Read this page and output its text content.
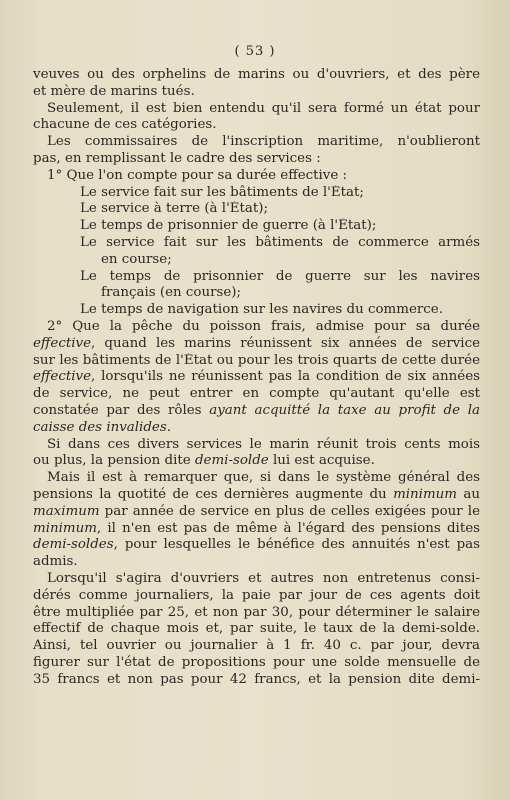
( 53 )
veuves ou des orphelins de marins ou d'ouvriers, et des père
et mère de marins tués.
Seulement, il est bien entendu qu'il sera formé un état pour
chacune de ces catégories.
Les commissaires de l'inscription maritime, n'oublieront
pas, en remplissant le cadre des services :
1° Que l'on compte pour sa durée effective :
Le service fait sur les bâtiments de l'État;
Le service à terre (à l'État);
Le temps de prisonnier de guerre (à l'État);
Le service fait sur les bâtiments de commerce armés
en course;
Le temps de prisonnier de guerre sur les navires
français (en course);
Le temps de navigation sur les navires du commerce.
2° Que la pêche du poisson frais, admise pour sa durée
effective, quand les marins réunissent six années de service
sur les bâtiments de l'État ou pour les trois quarts de cette durée
effective, lorsqu'ils ne réunissent pas la condition de six années
de service, ne peut entrer en compte qu'autant qu'elle est
constatée par des rôles ayant acquitté la taxe au profit de la
caisse des invalides.
Si dans ces divers services le marin réunit trois cents mois
ou plus, la pension dite demi-solde lui est acquise.
Mais il est à remarquer que, si dans le système général des
pensions la quotité de ces dernières augmente du minimum au
maximum par année de service en plus de celles exigées pour le
minimum, il n'en est pas de même à l'égard des pensions dites
demi-soldes, pour lesquelles le bénéfice des annuités n'est pas
admis.
Lorsqu'il s'agira d'ouvriers et autres non entretenus consi-
dérés comme journaliers, la paie par jour de ces agents doit
être multipliée par 25, et non par 30, pour déterminer le salaire
effectif de chaque mois et, par suite, le taux de la demi-solde.
Ainsi, tel ouvrier ou journalier à 1 fr. 40 c. par jour, devra
figurer sur l'état de propositions pour une solde mensuelle de
35 francs et non pas pour 42 francs, et la pension dite demi-
